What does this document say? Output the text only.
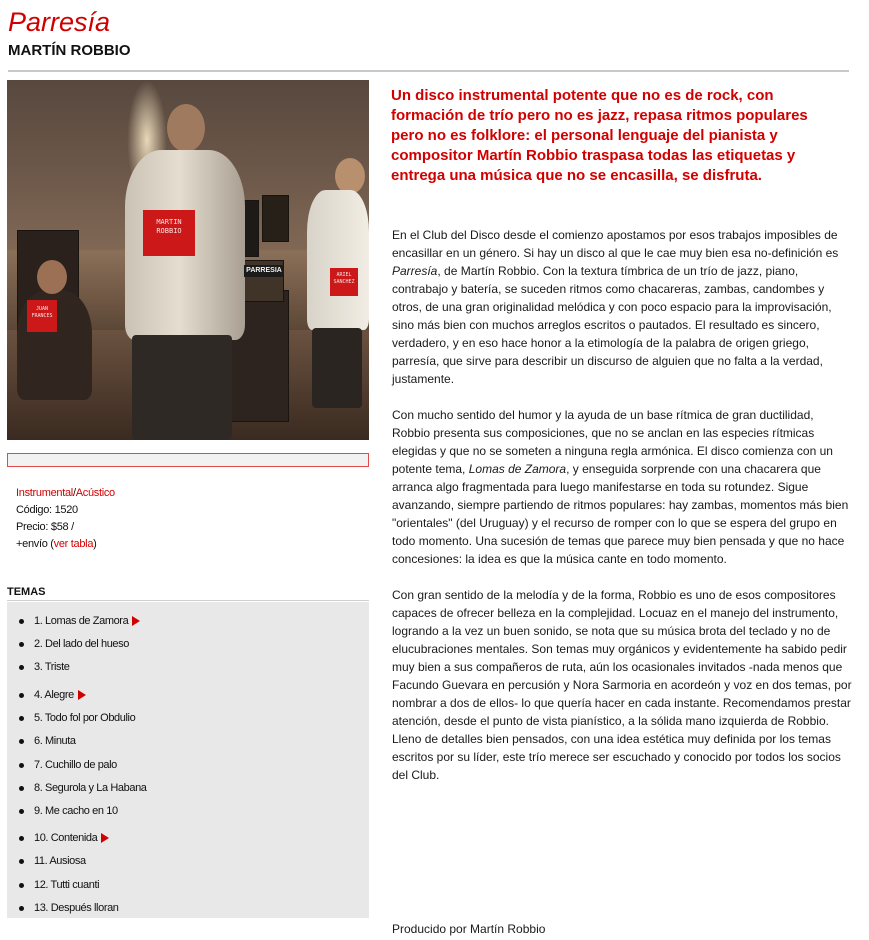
Parresía
MARTÍN ROBBIO
MARTIN ROBBIO
PARRESIA
JUAN FRANCES
ARIEL SANCHEZ
Instrumental/Acústico
Código: 1520
Precio: $58 /
+envío (ver tabla)
TEMAS
1. Lomas de Zamora
2. Del lado del hueso
3. Triste
4. Alegre
5. Todo fol por Obdulio
6. Minuta
7. Cuchillo de palo
8. Segurola y La Habana
9. Me cacho en 10
10. Contenida
11. Ausiosa
12. Tutti cuanti
13. Después lloran
Un disco instrumental potente que no es de rock, con formación de trío pero no es jazz, repasa ritmos populares pero no es folklore: el personal lenguaje del pianista y compositor Martín Robbio traspasa todas las etiquetas y entrega una música que no se encasilla, se disfruta.

En el Club del Disco desde el comienzo apostamos por esos trabajos imposibles de encasillar en un género. Si hay un disco al que le cae muy bien esa no-definición es Parresía, de Martín Robbio. Con la textura tímbrica de un trío de jazz, piano, contrabajo y batería, se suceden ritmos como chacareras, zambas, candombes y otros, de una gran originalidad melódica y con poco espacio para la improvisación, sino más bien con muchos arreglos escritos o pautados. El resultado es sincero, verdadero, y en eso hace honor a la etimología de la palabra de origen griego, parresía, que sirve para describir un discurso de alguien que no falta a la verdad, justamente.

Con mucho sentido del humor y la ayuda de un base rítmica de gran ductilidad, Robbio presenta sus composiciones, que no se anclan en las especies rítmicas elegidas y que no se someten a ninguna regla armónica. El disco comienza con un potente tema, Lomas de Zamora, y enseguida sorprende con una chacarera que arranca algo fragmentada para luego manifestarse en toda su rotundez. Sigue avanzando, siempre partiendo de ritmos populares: hay zambas, momentos más bien "orientales" (del Uruguay) y el recurso de romper con lo que se espera del grupo en todo momento. Una sucesión de temas que parece muy bien pensada y que no hace concesiones: la idea es que la música cante en todo momento.

Con gran sentido de la melodía y de la forma, Robbio es uno de esos compositores capaces de ofrecer belleza en la complejidad. Locuaz en el manejo del instrumento, logrando a la vez un buen sonido, se nota que su música brota del teclado y no de elucubraciones mentales. Son temas muy orgánicos y evidentemente ha sabido pedir muy bien a sus compañeros de ruta, aún los ocasionales invitados -nada menos que Facundo Guevara en percusión y Nora Sarmoria en acordeón y voz en dos temas, por nombrar a dos de ellos- lo que quería hacer en cada instante. Recomendamos prestar atención, desde el punto de vista pianístico, a la sólida mano izquierda de Robbio. Lleno de detalles bien pensados, con una idea estética muy definida por los temas escritos por su líder, este trío merece ser escuchado y conocido por todos los socios del Club.

Producido por Martín Robbio
